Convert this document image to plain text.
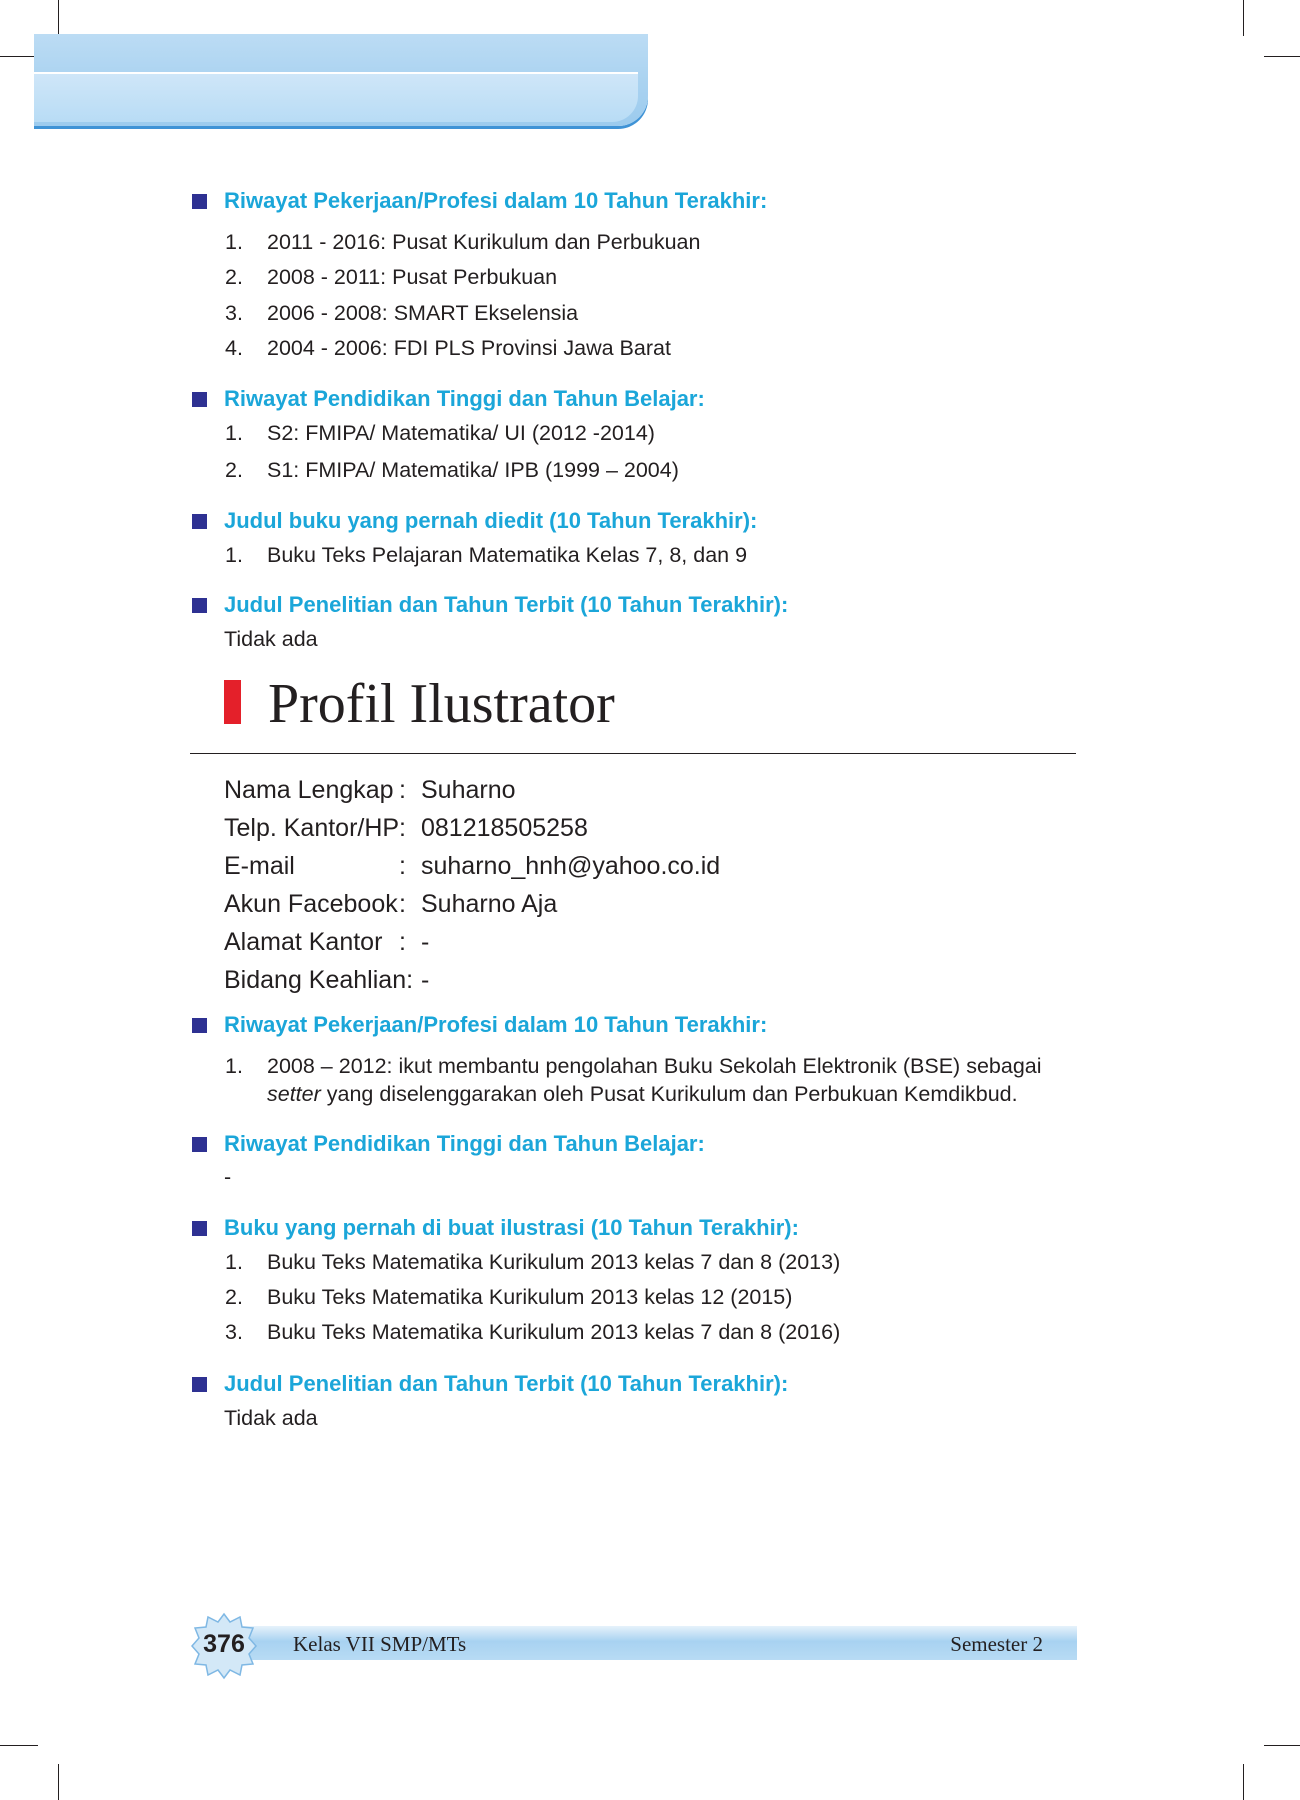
Riwayat Pekerjaan/Profesi dalam 10 Tahun Terakhir:
1.	2011 - 2016: Pusat Kurikulum dan Perbukuan
2.	2008 - 2011: Pusat Perbukuan
3.	2006 - 2008: SMART Ekselensia
4.	2004 - 2006: FDI PLS Provinsi Jawa Barat
Riwayat Pendidikan Tinggi dan Tahun Belajar:
1.	S2: FMIPA/ Matematika/ UI (2012 -2014)
2.	S1: FMIPA/ Matematika/ IPB (1999 – 2004)
Judul buku yang pernah diedit (10 Tahun Terakhir):
1.	Buku Teks Pelajaran Matematika Kelas 7, 8, dan 9
Judul Penelitian dan Tahun Terbit (10 Tahun Terakhir):
Tidak ada
Profil Ilustrator
Nama Lengkap : Suharno
Telp. Kantor/HP : 081218505258
E-mail	: suharno_hnh@yahoo.co.id
Akun Facebook : Suharno Aja
Alamat Kantor : -
Bidang Keahlian: -
Riwayat Pekerjaan/Profesi dalam 10 Tahun Terakhir:
1.	2008 – 2012: ikut membantu pengolahan Buku Sekolah Elektronik (BSE) sebagai
setter yang diselenggarakan oleh Pusat Kurikulum dan Perbukuan Kemdikbud.
Riwayat Pendidikan Tinggi dan Tahun Belajar:
-
Buku yang pernah di buat ilustrasi (10 Tahun Terakhir):
1.	Buku Teks Matematika Kurikulum 2013 kelas 7 dan 8 (2013)
2.	Buku Teks Matematika Kurikulum 2013 kelas 12 (2015)
3.	Buku Teks Matematika Kurikulum 2013 kelas 7 dan 8 (2016)
Judul Penelitian dan Tahun Terbit (10 Tahun Terakhir):
Tidak ada
Kelas VII SMP/MTs	Semester 2
376
